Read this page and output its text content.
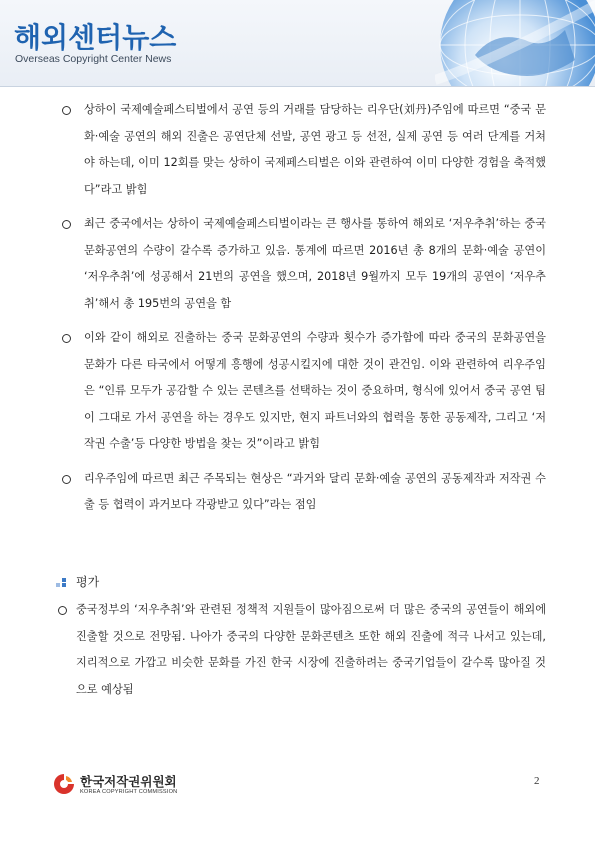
해외센터뉴스
Overseas Copyright Center News
상하이 국제예술페스티벌에서 공연 등의 거래를 담당하는 리우단(刘丹)주임에 따르면 “중국 문화·예술 공연의 해외 진출은 공연단체 선발, 공연 광고 등 선전, 실제 공연 등 여러 단계를 거쳐야 하는데, 이미 12회를 맞는 상하이 국제페스티벌은 이와 관련하여 이미 다양한 경험을 축적했다”라고 밝힘
최근 중국에서는 상하이 국제예술페스티벌이라는 큰 행사를 통하여 해외로 ‘저우추취’하는 중국 문화공연의 수량이 갈수록 증가하고 있음. 통계에 따르면 2016년 총 8개의 문화·예술 공연이 ‘저우추취’에 성공해서 21번의 공연을 했으며, 2018년 9월까지 모두 19개의 공연이 ‘저우추취’해서 총 195번의 공연을 함
이와 같이 해외로 진출하는 중국 문화공연의 수량과 횟수가 증가함에 따라 중국의 문화공연을 문화가 다른 타국에서 어떻게 흥행에 성공시킬지에 대한 것이 관건임. 이와 관련하여 리우주임은 “인류 모두가 공감할 수 있는 콘텐츠를 선택하는 것이 중요하며, 형식에 있어서 중국 공연 팀이 그대로 가서 공연을 하는 경우도 있지만, 현지 파트너와의 협력을 통한 공동제작, 그리고 ‘저작권 수출’등 다양한 방법을 찾는 것”이라고 밝힘
리우주임에 따르면 최근 주목되는 현상은 “과거와 달리 문화·예술 공연의 공동제작과 저작권 수출 등 협력이 과거보다 각광받고 있다”라는 점임
평가
중국정부의 ‘저우추취’와 관련된 정책적 지원들이 많아짐으로써 더 많은 중국의 공연들이 해외에 진출할 것으로 전망됨. 나아가 중국의 다양한 문화콘텐츠 또한 해외 진출에 적극 나서고 있는데, 지리적으로 가깝고 비슷한 문화를 가진 한국 시장에 진출하려는 중국기업들이 갈수록 많아질 것으로 예상됨
한국저작권위원회
KOREA COPYRIGHT COMMISSION
2
